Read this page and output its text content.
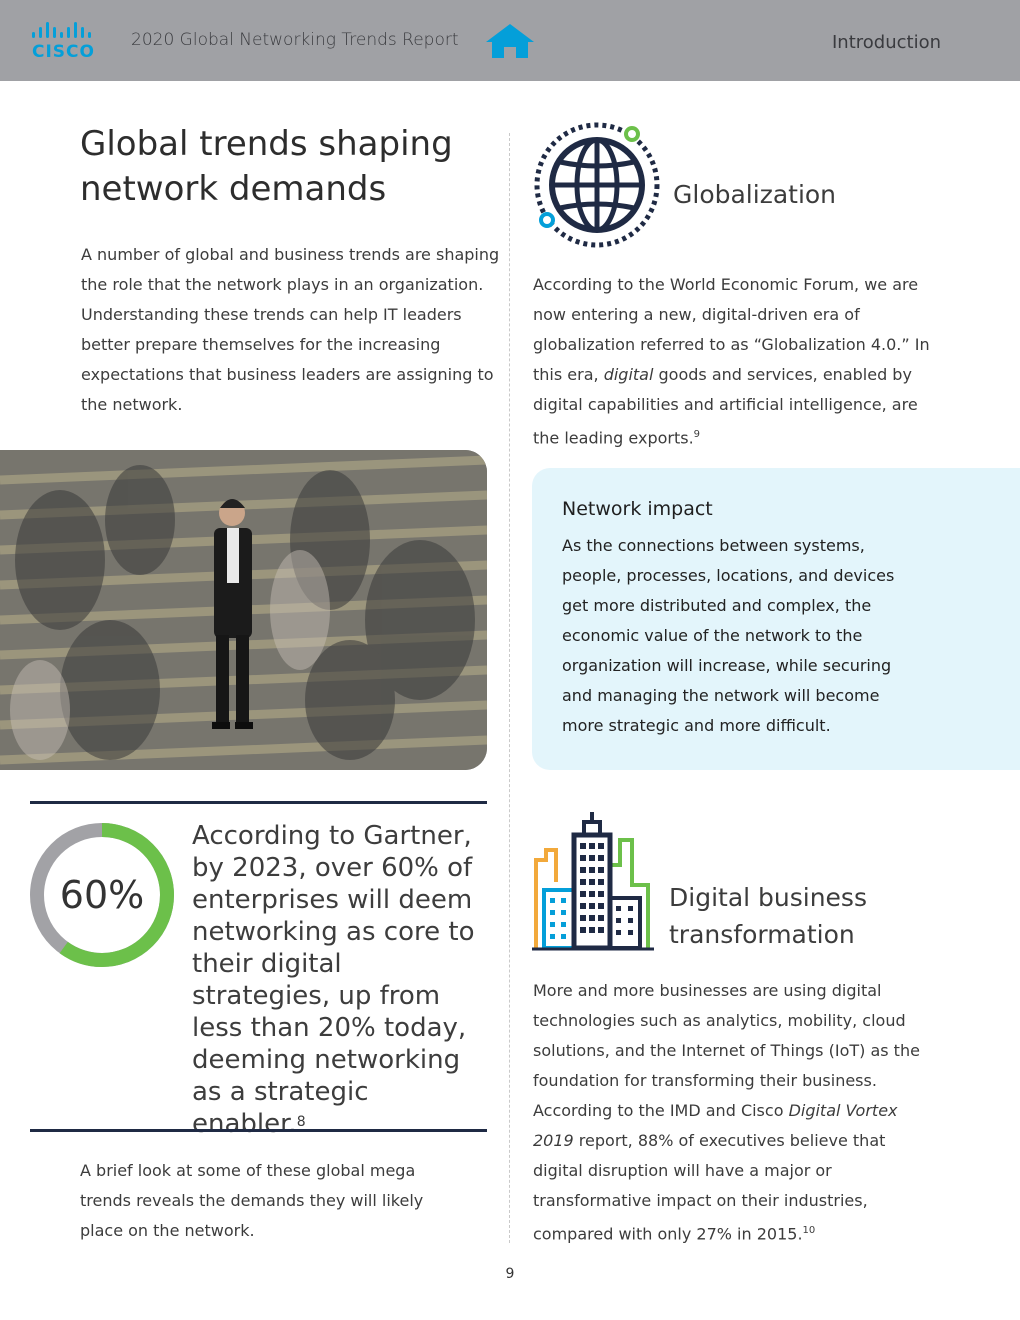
CISCO
2020 Global Networking Trends Report	Introduction
Global trends shaping
network demands

A number of global and business trends are shaping the role that the network plays in an organization. Understanding these trends can help IT leaders better prepare themselves for the increasing expectations that business leaders are assigning to the network.

60%

According to Gartner, by 2023, over 60% of enterprises will deem networking as core to their digital strategies, up from less than 20% today, deeming networking as a strategic enabler.$^8$

A brief look at some of these global mega trends reveals the demands they will likely place on the network.

Globalization

According to the World Economic Forum, we are now entering a new, digital-driven era of globalization referred to as “Globalization 4.0.” In this era, digital goods and services, enabled by digital capabilities and artificial intelligence, are the leading exports.$^9$

Network impact

As the connections between systems, people, processes, locations, and devices get more distributed and complex, the economic value of the network to the organization will increase, while securing and managing the network will become more strategic and more difficult.

Digital business
transformation

More and more businesses are using digital technologies such as analytics, mobility, cloud solutions, and the Internet of Things (IoT) as the foundation for transforming their business. According to the IMD and Cisco Digital Vortex 2019 report, 88% of executives believe that digital disruption will have a major or transformative impact on their industries, compared with only 27% in 2015.10

9
